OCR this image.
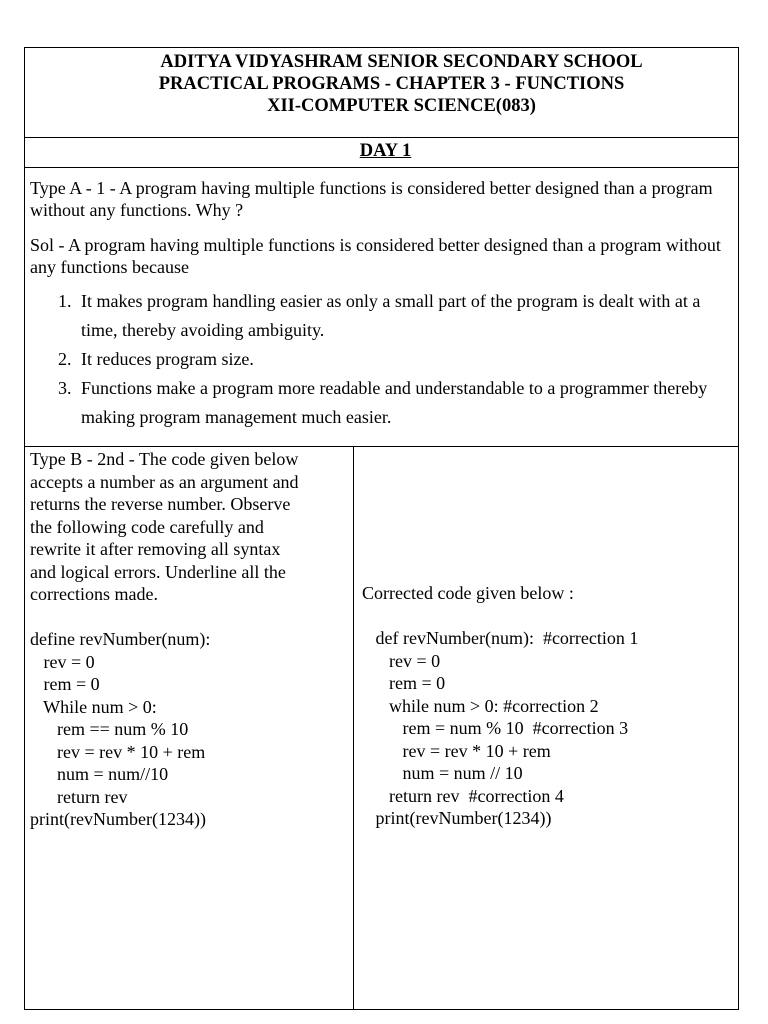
ADITYA VIDYASHRAM SENIOR SECONDARY SCHOOL
PRACTICAL PROGRAMS - CHAPTER 3 - FUNCTIONS
XII-COMPUTER SCIENCE(083)
DAY 1

Type A - 1 - A program having multiple functions is considered better designed than a program without any functions. Why ?

Sol - A program having multiple functions is considered better designed than a program without any functions because

1. It makes program handling easier as only a small part of the program is dealt with at a time, thereby avoiding ambiguity.
2. It reduces program size.
3. Functions make a program more readable and understandable to a programmer thereby making program management much easier.
Type B - 2nd - The code given below
accepts a number as an argument and
returns the reverse number. Observe
the following code carefully and
rewrite it after removing all syntax
and logical errors. Underline all the
corrections made.
define revNumber(num):
rev = 0
rem = 0
While num > 0:
rem == num % 10
rev = rev * 10 + rem
num = num//10
return rev
print(revNumber(1234))
Corrected code given below :
def revNumber(num):  #correction 1
rev = 0
rem = 0
while num > 0: #correction 2
rem = num % 10  #correction 3
rev = rev * 10 + rem
num = num // 10
return rev  #correction 4
print(revNumber(1234))
